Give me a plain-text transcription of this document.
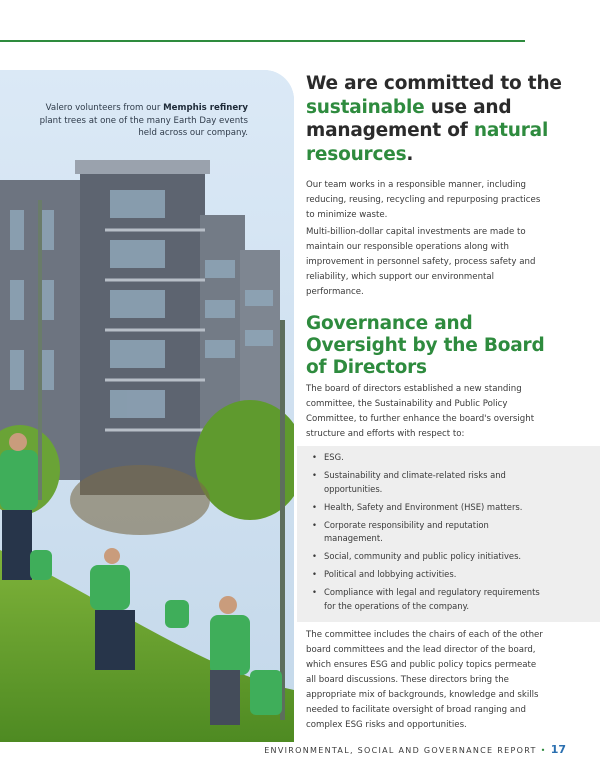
Valero volunteers from our Memphis refinery plant trees at one of the many Earth Day events held across our company.
We are committed to the sustainable use and management of natural resources.

Our team works in a responsible manner, including reducing, reusing, recycling and repurposing practices to minimize waste.

Multi-billion-dollar capital investments are made to maintain our responsible operations along with improvement in personnel safety, process safety and reliability, which support our environmental performance.

Governance and Oversight by the Board of Directors

The board of directors established a new standing committee, the Sustainability and Public Policy Committee, to further enhance the board's oversight structure and efforts with respect to:

• ESG.
• Sustainability and climate-related risks and opportunities.
• Health, Safety and Environment (HSE) matters.
• Corporate responsibility and reputation management.
• Social, community and public policy initiatives.
• Political and lobbying activities.
• Compliance with legal and regulatory requirements for the operations of the company.

The committee includes the chairs of each of the other board committees and the lead director of the board, which ensures ESG and public policy topics permeate all board discussions. These directors bring the appropriate mix of backgrounds, knowledge and skills needed to facilitate oversight of broad ranging and complex ESG risks and opportunities.

ENVIRONMENTAL, SOCIAL AND GOVERNANCE REPORT • 17
